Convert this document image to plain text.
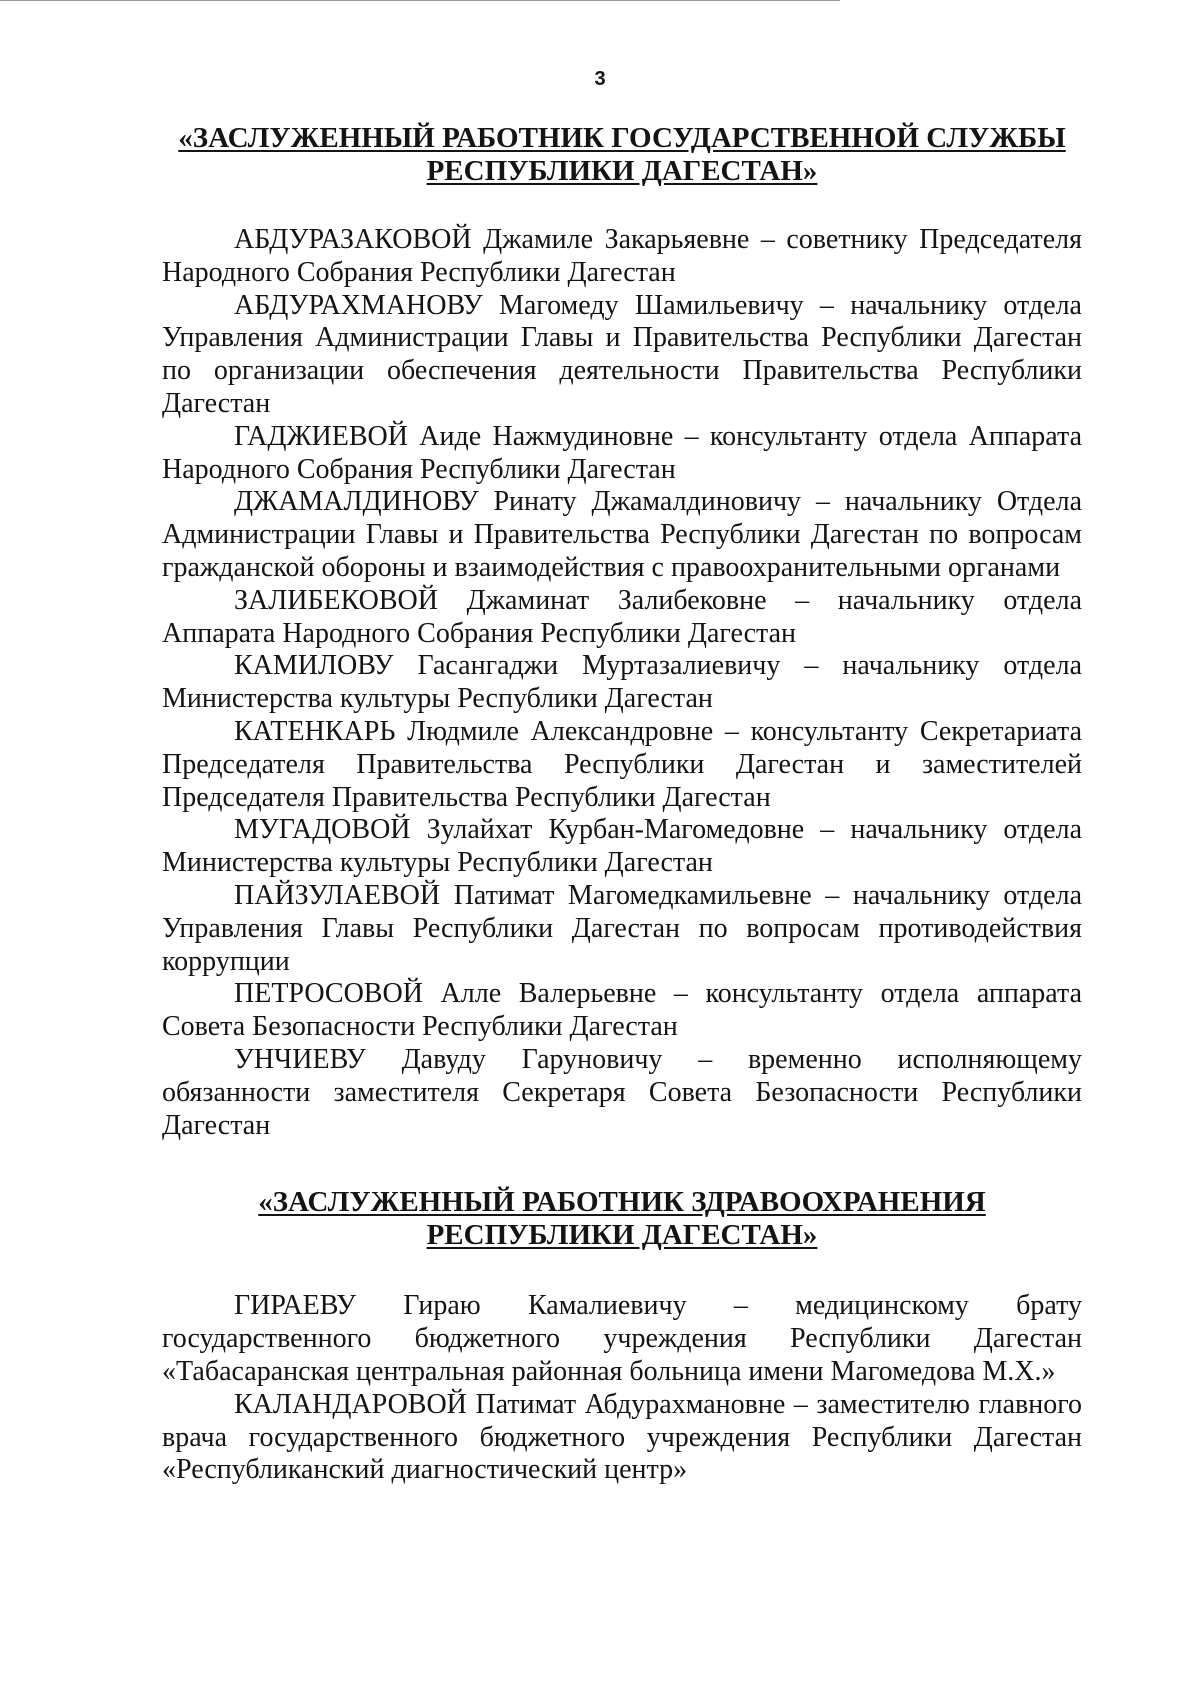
3
«ЗАСЛУЖЕННЫЙ РАБОТНИК ГОСУДАРСТВЕННОЙ СЛУЖБЫ
РЕСПУБЛИКИ ДАГЕСТАН»

АБДУРАЗАКОВОЙ Джамиле Закарьяевне – советнику Председателя Народного Собрания Республики Дагестан

АБДУРАХМАНОВУ Магомеду Шамильевичу – начальнику отдела Управления Администрации Главы и Правительства Республики Дагестан по организации обеспечения деятельности Правительства Республики Дагестан

ГАДЖИЕВОЙ Аиде Нажмудиновне – консультанту отдела Аппарата Народного Собрания Республики Дагестан

ДЖАМАЛДИНОВУ Ринату Джамалдиновичу – начальнику Отдела Администрации Главы и Правительства Республики Дагестан по вопросам гражданской обороны и взаимодействия с правоохранительными органами

ЗАЛИБЕКОВОЙ Джаминат Залибековне – начальнику отдела Аппарата Народного Собрания Республики Дагестан

КАМИЛОВУ Гасангаджи Муртазалиевичу – начальнику отдела Министерства культуры Республики Дагестан

КАТЕНКАРЬ Людмиле Александровне – консультанту Секретариата Председателя Правительства Республики Дагестан и заместителей Председателя Правительства Республики Дагестан

МУГАДОВОЙ Зулайхат Курбан-Магомедовне – начальнику отдела Министерства культуры Республики Дагестан

ПАЙЗУЛАЕВОЙ Патимат Магомедкамильевне – начальнику отдела Управления Главы Республики Дагестан по вопросам противодействия коррупции

ПЕТРОСОВОЙ Алле Валерьевне – консультанту отдела аппарата Совета Безопасности Республики Дагестан

УНЧИЕВУ Давуду Гаруновичу – временно исполняющему обязанности заместителя Секретаря Совета Безопасности Республики Дагестан

«ЗАСЛУЖЕННЫЙ РАБОТНИК ЗДРАВООХРАНЕНИЯ
РЕСПУБЛИКИ ДАГЕСТАН»

ГИРАЕВУ Гираю Камалиевичу – медицинскому брату государственного бюджетного учреждения Республики Дагестан «Табасаранская центральная районная больница имени Магомедова М.Х.»

КАЛАНДАРОВОЙ Патимат Абдурахмановне – заместителю главного врача государственного бюджетного учреждения Республики Дагестан «Республиканский диагностический центр»
